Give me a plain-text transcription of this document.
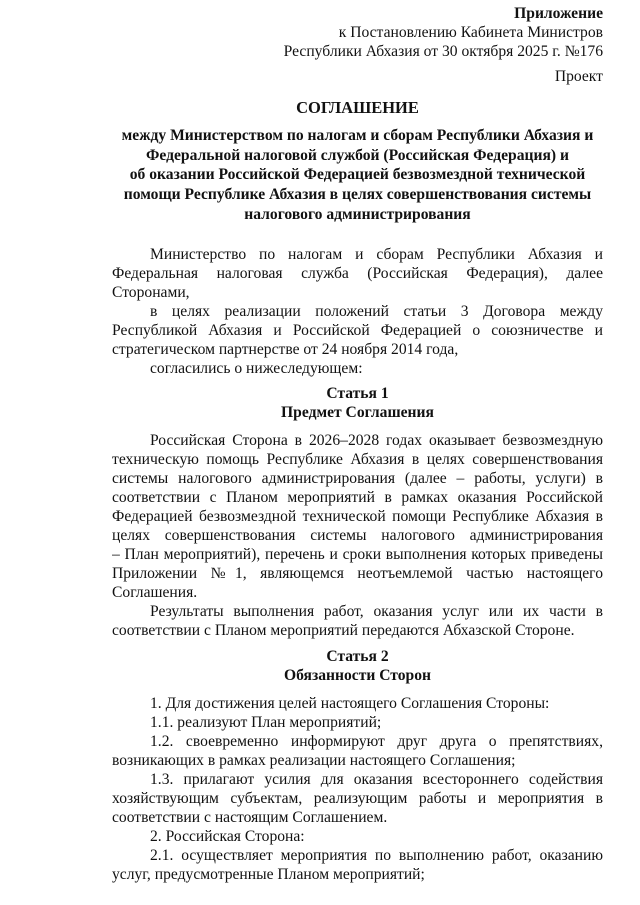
Приложение
к Постановлению Кабинета Министров
Республики Абхазия от 30 октября 2025 г. №176
Проект
СОГЛАШЕНИЕ
между Министерством по налогам и сборам Республики Абхазия и
Федеральной налоговой службой (Российская Федерация) и
об оказании Российской Федерацией безвозмездной технической
помощи Республике Абхазия в целях совершенствования системы
налогового администрирования
Министерство по налогам и сборам Республики Абхазия и
Федеральная налоговая служба (Российская Федерация), далее
Сторонами,
в целях реализации положений статьи 3 Договора между
Республикой Абхазия и Российской Федерацией о союзничестве и
стратегическом партнерстве от 24 ноября 2014 года,
согласились о нижеследующем:
Статья 1
Предмет Соглашения
Российская Сторона в 2026–2028 годах оказывает безвозмездную
техническую помощь Республике Абхазия в целях совершенствования
системы налогового администрирования (далее – работы, услуги) в
соответствии с Планом мероприятий в рамках оказания Российской
Федерацией безвозмездной технической помощи Республике Абхазия в
целях совершенствования системы налогового администрирования
– План мероприятий), перечень и сроки выполнения которых приведены
Приложении №1, являющемся неотъемлемой частью настоящего
Соглашения.
Результаты выполнения работ, оказания услуг или их части в
соответствии с Планом мероприятий передаются Абхазской Стороне.
Статья 2
Обязанности Сторон
1. Для достижения целей настоящего Соглашения Стороны:
1.1. реализуют План мероприятий;
1.2. своевременно информируют друг друга о препятствиях,
возникающих в рамках реализации настоящего Соглашения;
1.3. прилагают усилия для оказания всестороннего содействия
хозяйствующим субъектам, реализующим работы и мероприятия в
соответствии с настоящим Соглашением.
2. Российская Сторона:
2.1. осуществляет мероприятия по выполнению работ, оказанию
услуг, предусмотренные Планом мероприятий;
